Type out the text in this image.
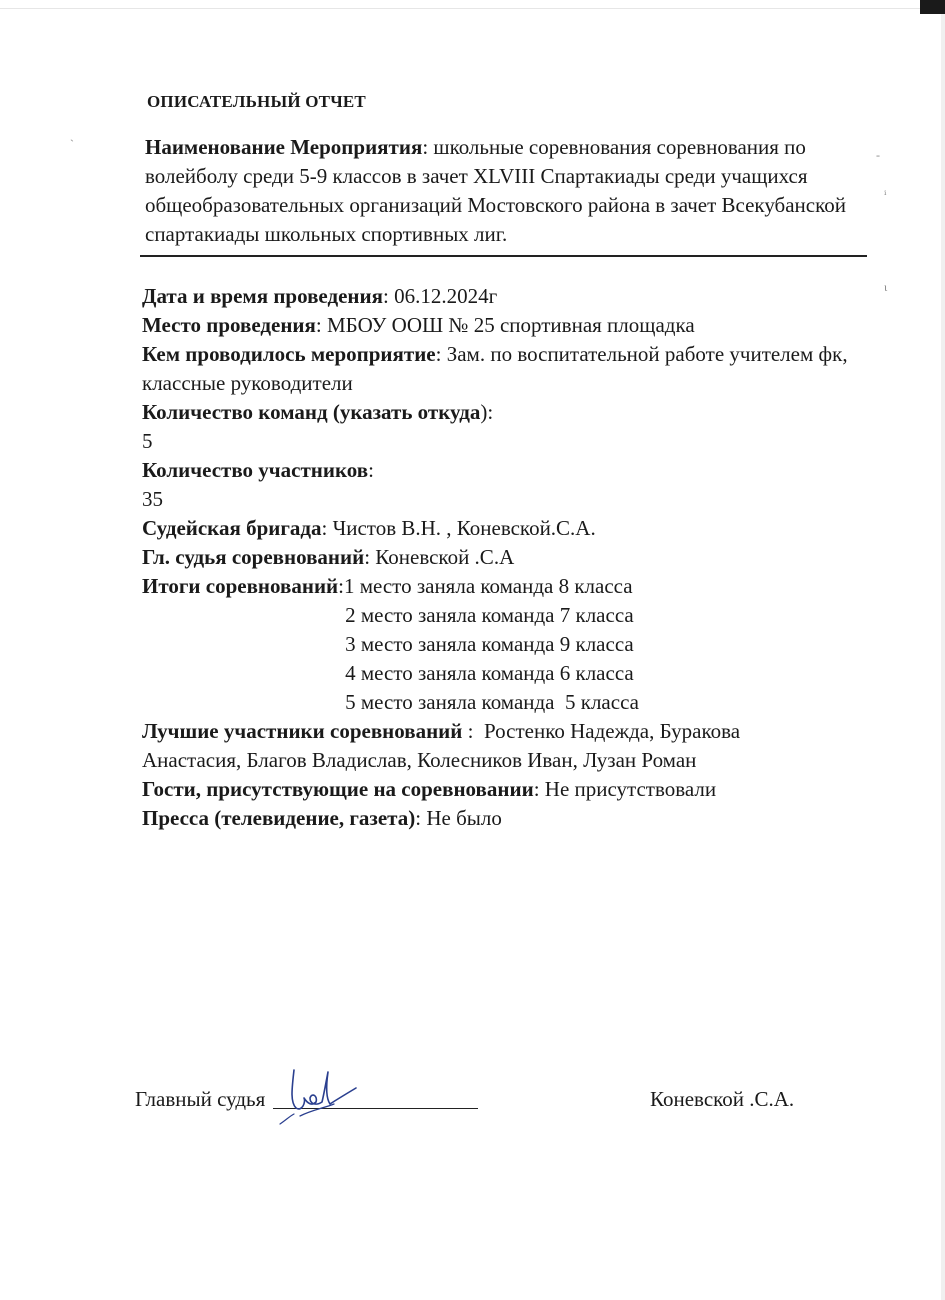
ˎ
-
ⁱ
ɩ
ОПИСАТЕЛЬНЫЙ ОТЧЕТ
Наименование Мероприятия: школьные соревнования соревнования по волейболу среди 5-9 классов в зачет XLVIII Спартакиады среди учащихся общеобразовательных организаций Мостовского района в зачет Всекубанской спартакиады школьных спортивных лиг.
Дата и время проведения: 06.12.2024г
Место проведения: МБОУ ООШ № 25 спортивная площадка
Кем проводилось мероприятие: Зам. по воспитательной работе учителем фк, классные руководители
Количество команд (указать откуда):
5
Количество участников:
35
Судейская бригада: Чистов В.Н. , Коневской.С.А.
Гл. судья соревнований: Коневской .С.А
Итоги соревнований :1 место заняла команда 8 класса
2 место заняла команда 7 класса
3 место заняла команда 9 класса
4 место заняла команда 6 класса
5 место заняла команда  5 класса
Лучшие участники соревнований :  Ростенко Надежда, Буракова Анастасия, Благов Владислав, Колесников Иван, Лузан Роман
Гости, присутствующие на соревновании: Не присутствовали
Пресса (телевидение, газета): Не было
Главный судья	Коневской .С.А.
